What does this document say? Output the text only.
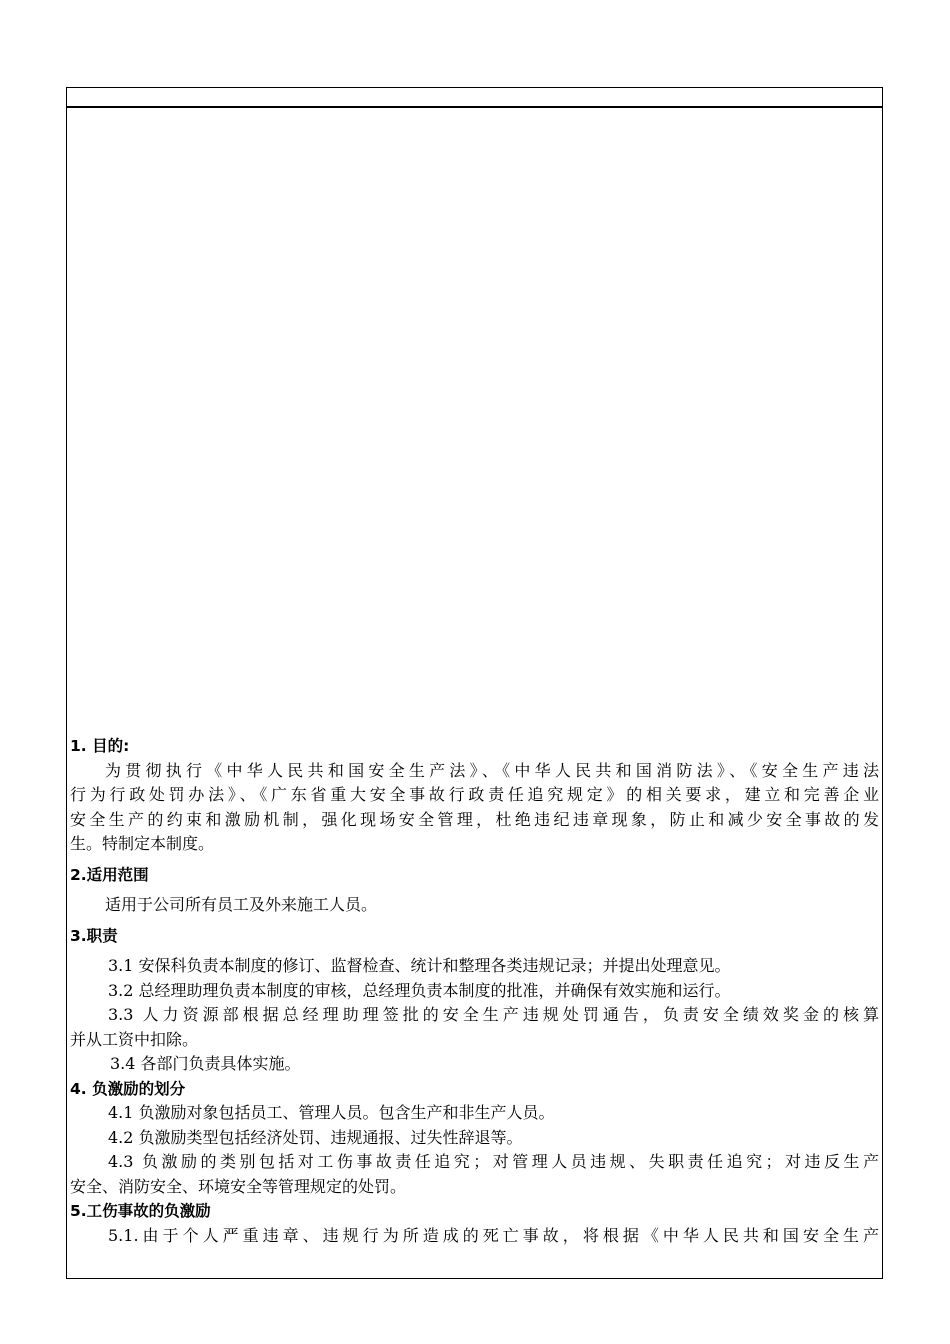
1. 目的:
为贯彻执行《中华人民共和国安全生产法》、《中华人民共和国消防法》、《安全生产违法
行为行政处罚办法》、《广东省重大安全事故行政责任追究规定》的相关要求，建立和完善企业
安全生产的约束和激励机制，强化现场安全管理，杜绝违纪违章现象，防止和减少安全事故的发
生。特制定本制度。
2.适用范围
适用于公司所有员工及外来施工人员。
3.职责
3.1 安保科负责本制度的修订、监督检查、统计和整理各类违规记录；并提出处理意见。
3.2 总经理助理负责本制度的审核，总经理负责本制度的批准，并确保有效实施和运行。
3.3 人力资源部根据总经理助理签批的安全生产违规处罚通告，负责安全绩效奖金的核算
并从工资中扣除。
3.4 各部门负责具体实施。
4. 负激励的划分
4.1 负激励对象包括员工、管理人员。包含生产和非生产人员。
4.2 负激励类型包括经济处罚、违规通报、过失性辞退等。
4.3 负激励的类别包括对工伤事故责任追究；对管理人员违规、失职责任追究；对违反生产
安全、消防安全、环境安全等管理规定的处罚。
5.工伤事故的负激励
5.1.由于个人严重违章、违规行为所造成的死亡事故，将根据《中华人民共和国安全生产
